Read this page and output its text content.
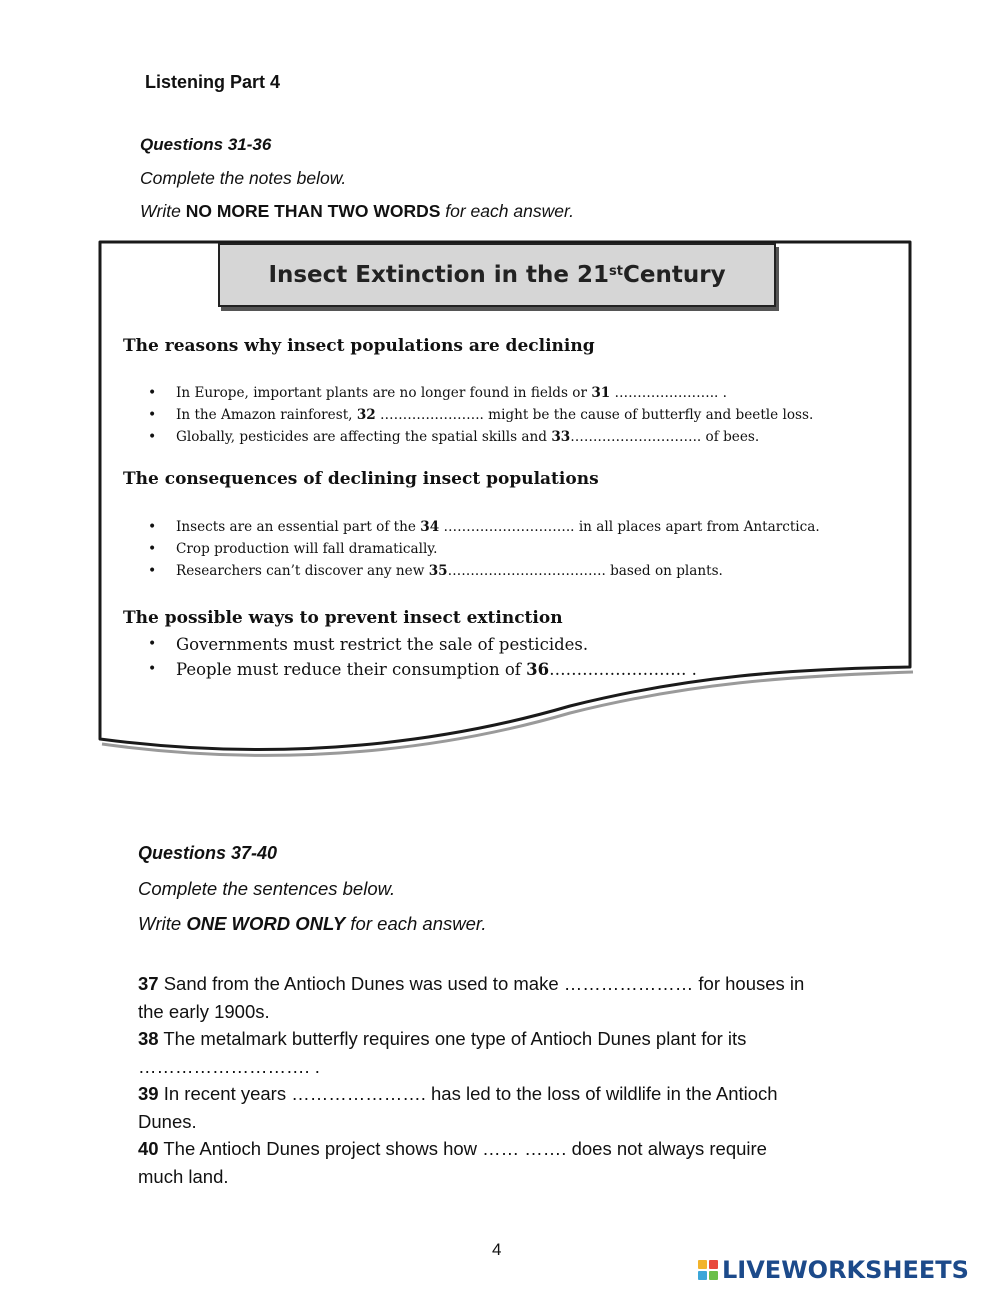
Listening Part 4
Questions 31-36
Complete the notes below.
Write NO MORE THAN TWO WORDS for each answer.
Insect Extinction in the 21st Century
The reasons why insect populations are declining
• In Europe, important plants are no longer found in fields or 31 ………………….. .
• In the Amazon rainforest, 32 ………………….. might be the cause of butterfly and beetle loss.
• Globally, pesticides are affecting the spatial skills and 33……………………….. of bees.
The consequences of declining insect populations
• Insects are an essential part of the 34 ……………………….. in all places apart from Antarctica.
• Crop production will fall dramatically.
• Researchers can’t discover any new 35…………………………….. based on plants.
The possible ways to prevent insect extinction
• Governments must restrict the sale of pesticides.
• People must reduce their consumption of 36……………………. .
Questions 37-40
Complete the sentences below.
Write ONE WORD ONLY for each answer.
37 Sand from the Antioch Dunes was used to make ………………… for houses in the early 1900s.
38 The metalmark butterfly requires one type of Antioch Dunes plant for its ………………………. .
39 In recent years …………………. has led to the loss of wildlife in the Antioch Dunes.
40 The Antioch Dunes project shows how …… ……. does not always require much land.
4
LIVEWORKSHEETS
